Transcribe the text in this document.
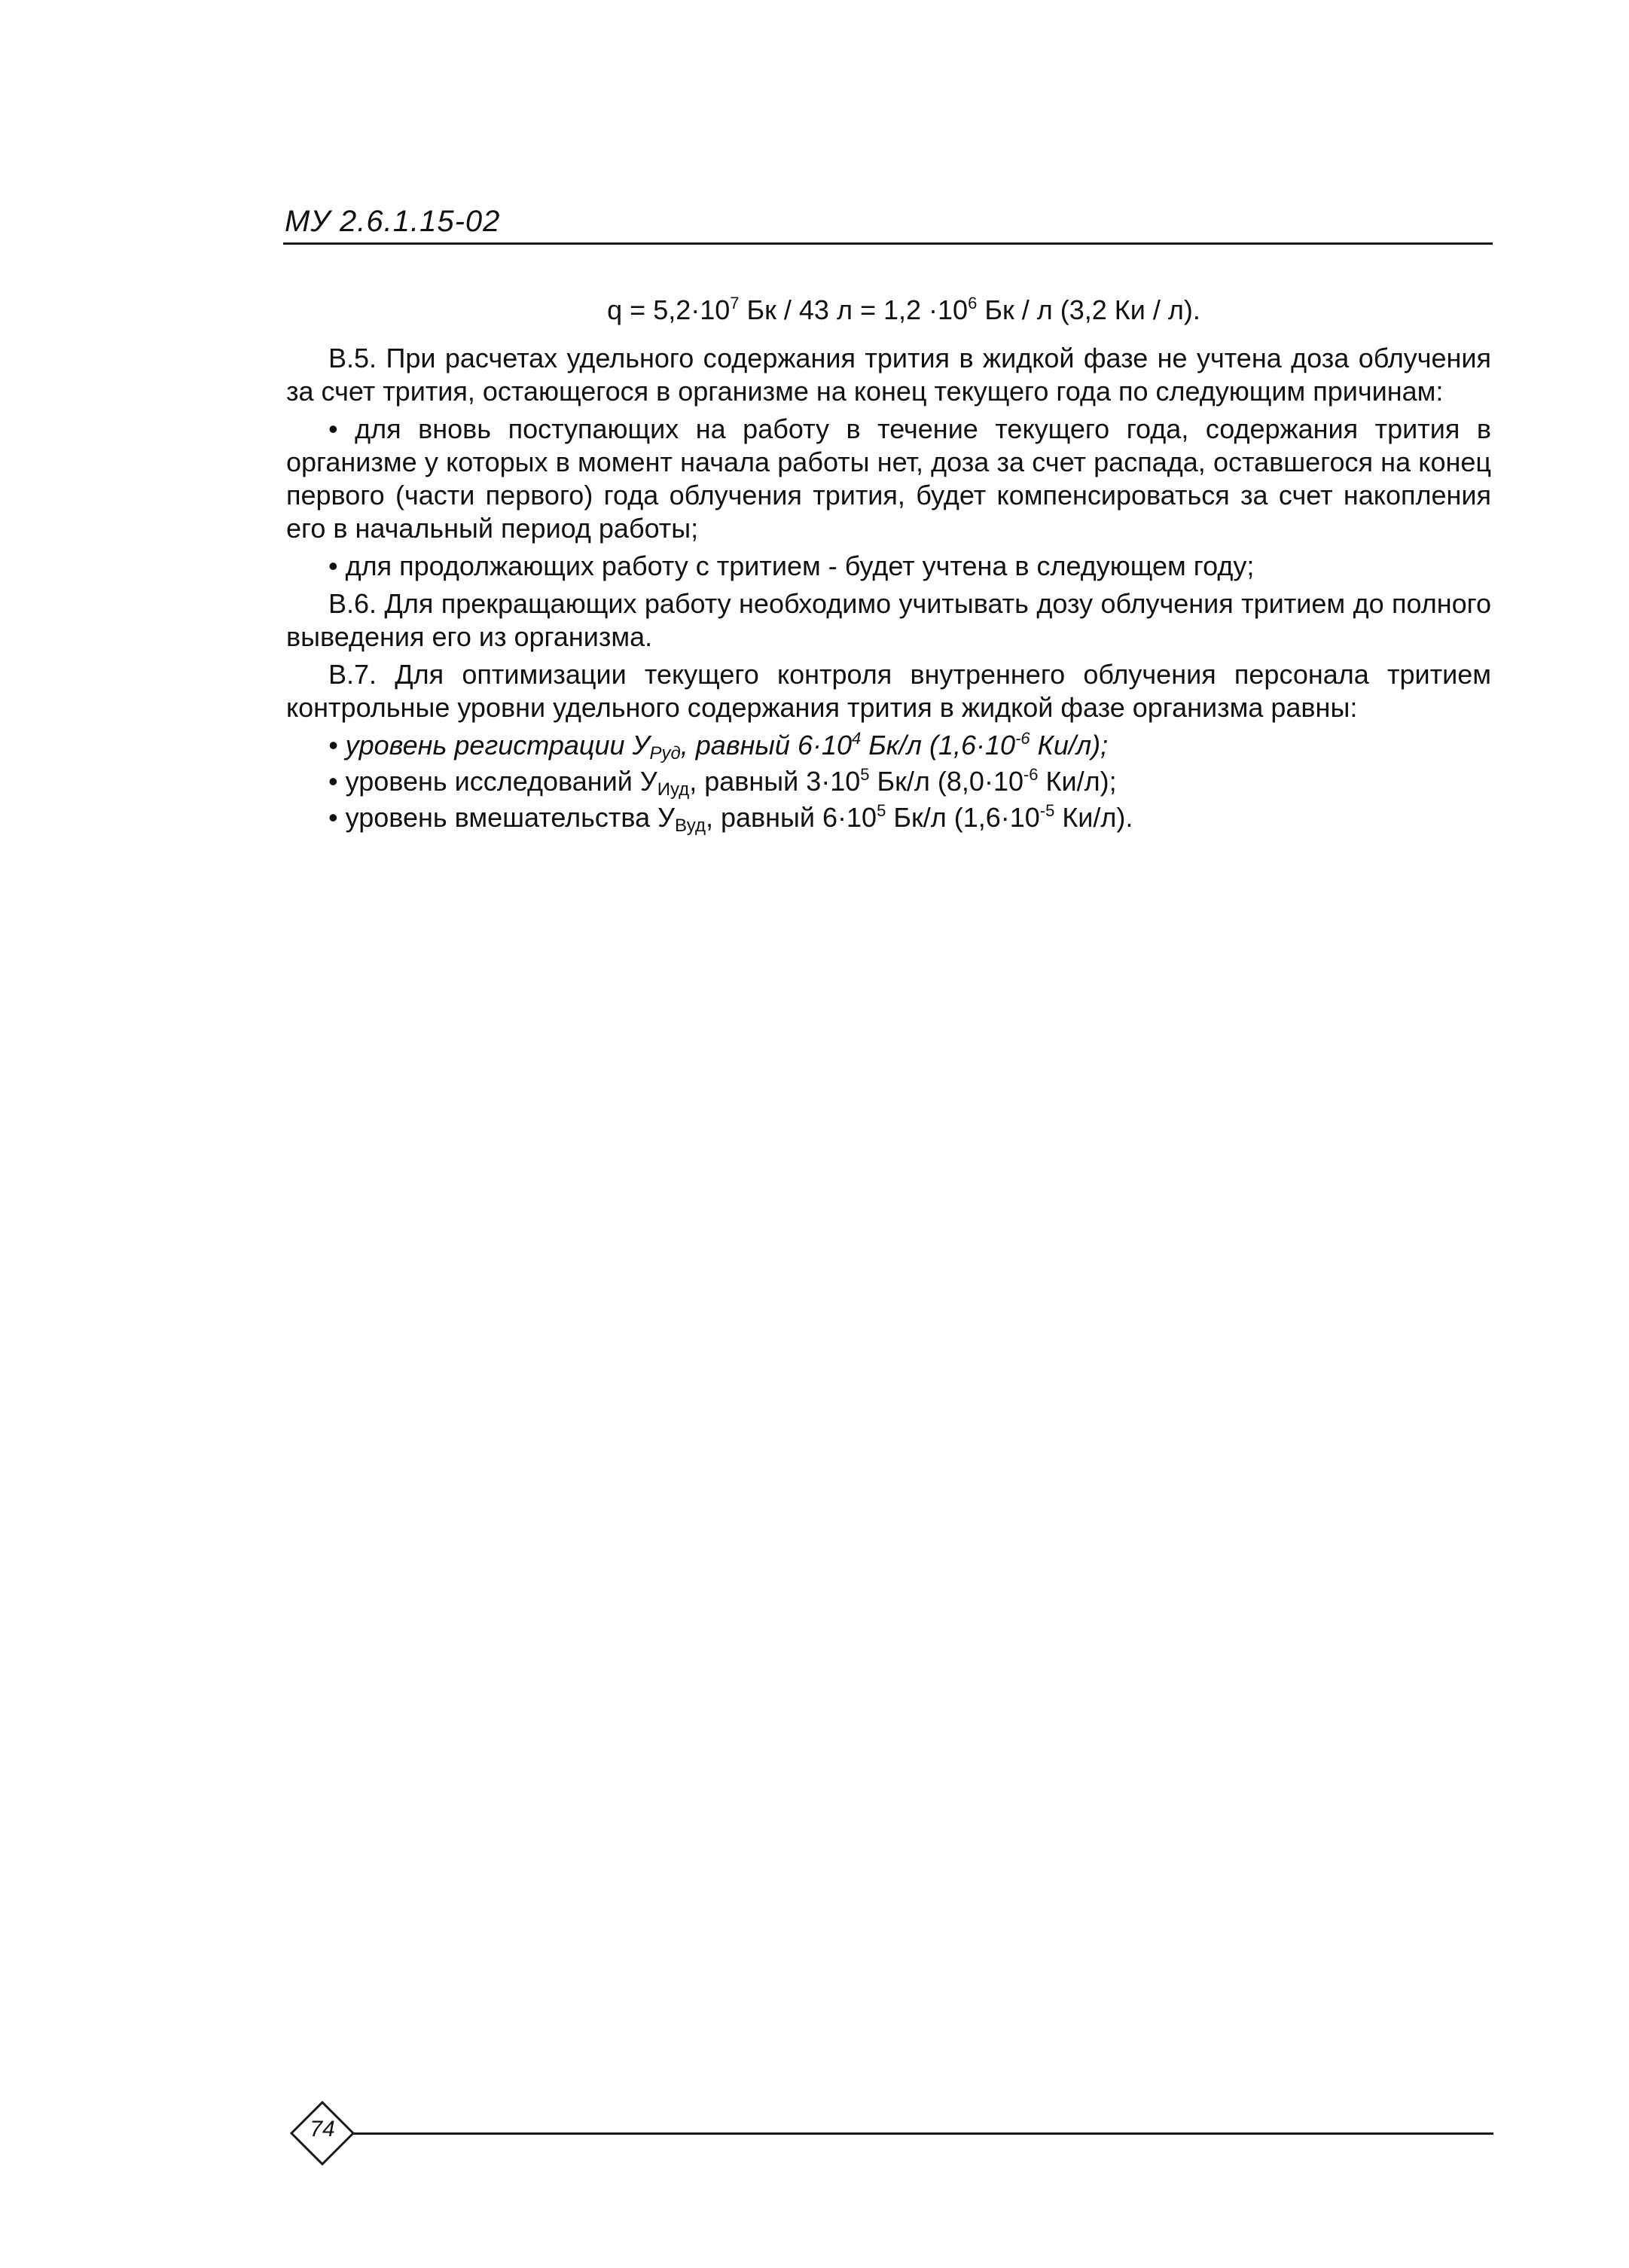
МУ 2.6.1.15-02
$q = 5,2\cdot 10^7$ Бк / 43 $л = 1,2 \cdot 10^6$ Бк / л (3,2 Ки / л).

В.5. При расчетах удельного содержания трития в жидкой фазе не учтена доза облучения за счет трития, остающегося в организме на конец текущего года по следующим причинам:

• для вновь поступающих на работу в течение текущего года, содержания трития в организме у которых в момент начала работы нет, доза за счет распада, оставшегося на конец первого (части первого) года облучения трития, будет компенсироваться за счет накопления его в начальный период работы;

• для продолжающих работу с тритием - будет учтена в следующем году;

В.6. Для прекращающих работу необходимо учитывать дозу облучения тритием до полного выведения его из организма.

В.7. Для оптимизации текущего контроля внутреннего облучения персонала тритием контрольные уровни удельного содержания трития в жидкой фазе организма равны:

• уровень регистрации $У_{Руд}$, равный $6\cdot 10^4$ Бк/л ($1,6\cdot 10^{-6}$ Ки/л);
• уровень исследований $У_{Иуд}$, равный $3\cdot 10^5$ Бк/л ($8,0\cdot 10^{-6}$ Ки/л);
• уровень вмешательства $У_{Вуд}$, равный $6\cdot 10^5$ Бк/л ($1,6\cdot 10^{-5}$ Ки/л).
74
